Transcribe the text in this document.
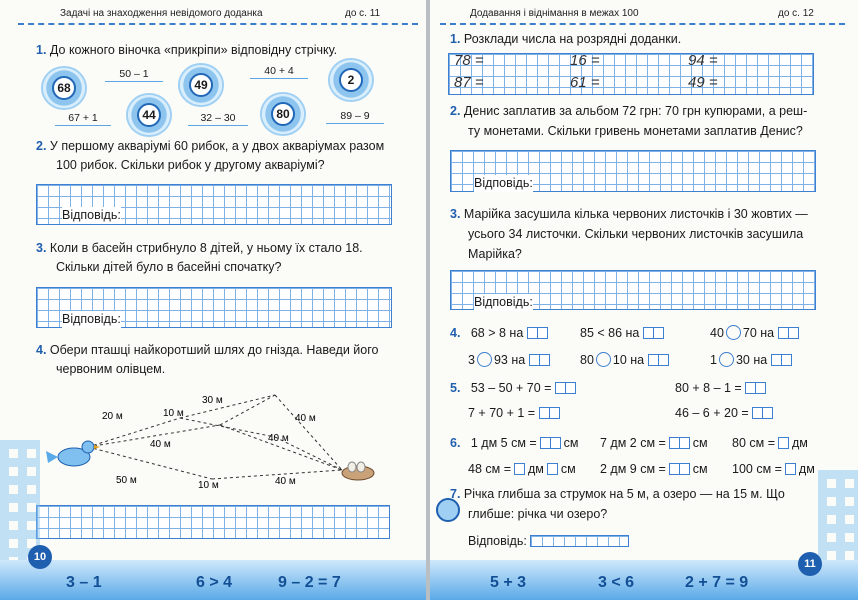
Задачі на знаходження невідомого доданка	до с. 11
1. До кожного віночка «прикріпи» відповідну стрічку.
68	49	2
44	80
50 – 1	40 + 4
67 + 1	32 – 30	89 – 9
2. У першому акваріумі 60 рибок, а у двох акваріумах разом
100 рибок. Скільки рибок у другому акваріумі?
Відповідь:
3. Коли в басейн стрибнуло 8 дітей, у ньому їх стало 18.
Скільки дітей було в басейні спочатку?
Відповідь:
4. Обери пташці найкоротший шлях до гнізда. Наведи його
червоним олівцем.
30 м
20 м	10 м	40 м
40 м
40 м
50 м	10 м	40 м
3 – 1	6 > 4	9 – 2 = 7
10
Додавання і віднімання в межах 100	до с. 12
1. Розклади числа на розрядні доданки.
78 =	16 =	94 =
87 =	61 =	49 =
2. Денис заплатив за альбом 72 грн: 70 грн купюрами, а реш-
ту монетами. Скільки гривень монетами заплатив Денис?
Відповідь:
3. Марійка засушила кілька червоних листочків і 30 жовтих —
усього 34 листочки. Скільки червоних листочків засушила
Марійка?
Відповідь:
4. 68 > 8 на	85 < 86 на	40 70 на
3 93 на	80 10 на	1 30 на
5. 53 – 50 + 70 =	80 + 8 – 1 =
7 + 70 + 1 =	46 – 6 + 20 =
6. 1 дм 5 см = см 7 дм 2 см = см 80 см = дм
48 см = дм см 2 дм 9 см = см 100 см = дм
7. Річка глибша за струмок на 5 м, а озеро — на 15 м. Що
глибше: річка чи озеро?
Відповідь:
5 + 3	3 < 6	2 + 7 = 9
11
